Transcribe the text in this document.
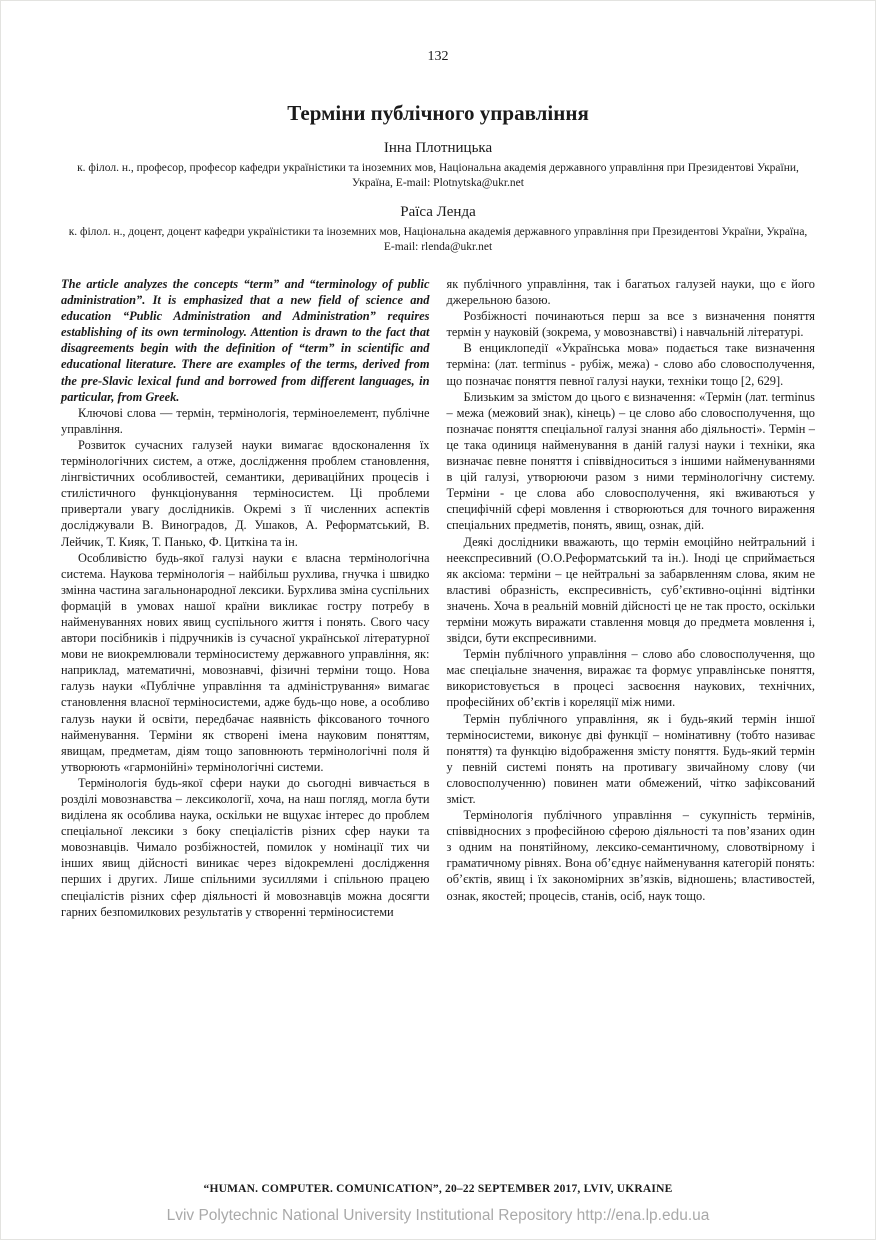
132
Терміни публічного управління
Інна Плотницька
к. філол. н., професор, професор кафедри україністики та іноземних мов, Національна академія державного управління при Президентові України, Україна, E-mail: Plotnytska@ukr.net
Раїса Ленда
к. філол. н., доцент, доцент кафедри україністики та іноземних мов, Національна академія державного управління при Президентові України, Україна, E-mail: rlenda@ukr.net

The article analyzes the concepts “term” and “terminology of public administration”. It is emphasized that a new field of science and education “Public Administration and Administration” requires establishing of its own terminology. Attention is drawn to the fact that disagreements begin with the definition of “term” in scientific and educational literature. There are examples of the terms, derived from the pre-Slavic lexical fund and borrowed from different languages, in particular, from Greek.

Ключові слова — термін, термінологія, терміноелемент, публічне управління.

Розвиток сучасних галузей науки вимагає вдосконалення їх термінологічних систем, а отже, дослідження проблем становлення, лінгвістичних особливостей, семантики, дериваційних процесів і стилістичного функціонування терміносистем. Ці проблеми привертали увагу дослідників. Окремі з її численних аспектів досліджували В. Виноградов, Д. Ушаков, А. Реформатський, В. Лейчик, Т. Кияк, Т. Панько, Ф. Циткіна та ін.

Особливістю будь-якої галузі науки є власна термінологічна система. Наукова термінологія – найбільш рухлива, гнучка і швидко змінна частина загальнонародної лексики. Бурхлива зміна суспільних формацій в умовах нашої країни викликає гостру потребу в найменуваннях нових явищ суспільного життя і понять. Свого часу автори посібників і підручників із сучасної української літературної мови не виокремлювали терміносистему державного управління, як: наприклад, математичні, мовознавчі, фізичні терміни тощо. Нова галузь науки «Публічне управління та адміністрування» вимагає становлення власної терміносистеми, адже будь-що нове, а особливо галузь науки й освіти, передбачає наявність фіксованого точного найменування. Терміни як створені імена науковим поняттям, явищам, предметам, діям тощо заповнюють термінологічні поля й утворюють «гармонійні» термінологічні системи.

Термінологія будь-якої сфери науки до сьогодні вивчається в розділі мовознавства – лексикології, хоча, на наш погляд, могла бути виділена як особлива наука, оскільки не вщухає інтерес до проблем спеціальної лексики з боку спеціалістів різних сфер науки та мовознавців. Чимало розбіжностей, помилок у номінації тих чи інших явищ дійсності виникає через відокремлені дослідження перших і других. Лише спільними зусиллями і спільною працею спеціалістів різних сфер діяльності й мовознавців можна досягти гарних безпомилкових результатів у створенні терміносистеми

як публічного управління, так і багатьох галузей науки, що є його джерельною базою.

Розбіжності починаються перш за все з визначення поняття термін у науковій (зокрема, у мовознавстві) і навчальній літературі.

В енциклопедії «Українська мова» подається таке визначення терміна: (лат. terminus - рубіж, межа) - слово або словосполучення, що позначає поняття певної галузі науки, техніки тощо [2, 629].

Близьким за змістом до цього є визначення: «Термін (лат. terminus – межа (межовий знак), кінець) – це слово або словосполучення, що позначає поняття спеціальної галузі знання або діяльності». Термін – це така одиниця найменування в даній галузі науки і техніки, яка визначає певне поняття і співвідноситься з іншими найменуваннями в цій галузі, утворюючи разом з ними термінологічну систему. Терміни - це слова або словосполучення, які вживаються у специфічній сфері мовлення і створюються для точного вираження спеціальних предметів, понять, явищ, ознак, дій.

Деякі дослідники вважають, що термін емоційно нейтральний і неекспресивний (О.О.Реформатський та ін.). Іноді це сприймається як аксіома: терміни – це нейтральні за забарвленням слова, яким не властиві образність, експресивність, суб’єктивно-оцінні відтінки значень. Хоча в реальній мовній дійсності це не так просто, оскільки терміни можуть виражати ставлення мовця до предмета мовлення і, звідси, бути експресивними.

Термін публічного управління – слово або словосполучення, що має спеціальне значення, виражає та формує управлінське поняття, використовується в процесі засвоєння наукових, технічних, професійних об’єктів і кореляції між ними.

Термін публічного управління, як і будь-який термін іншої терміносистеми, виконує дві функції – номінативну (тобто називає поняття) та функцію відображення змісту поняття. Будь-який термін у певній системі понять на противагу звичайному слову (чи словосполученню) повинен мати обмежений, чітко зафіксований зміст.

Термінологія публічного управління – сукупність термінів, співвідносних з професійною сферою діяльності та пов’язаних один з одним на понятійному, лексико-семантичному, словотвірному і граматичному рівнях. Вона об’єднує найменування категорій понять: об’єктів, явищ і їх закономірних зв’язків, відношень; властивостей, ознак, якостей; процесів, станів, осіб, наук тощо.

“HUMAN. COMPUTER. COMUNICATION”, 20–22 SEPTEMBER 2017, LVIV, UKRAINE
Lviv Polytechnic National University Institutional Repository http://ena.lp.edu.ua
